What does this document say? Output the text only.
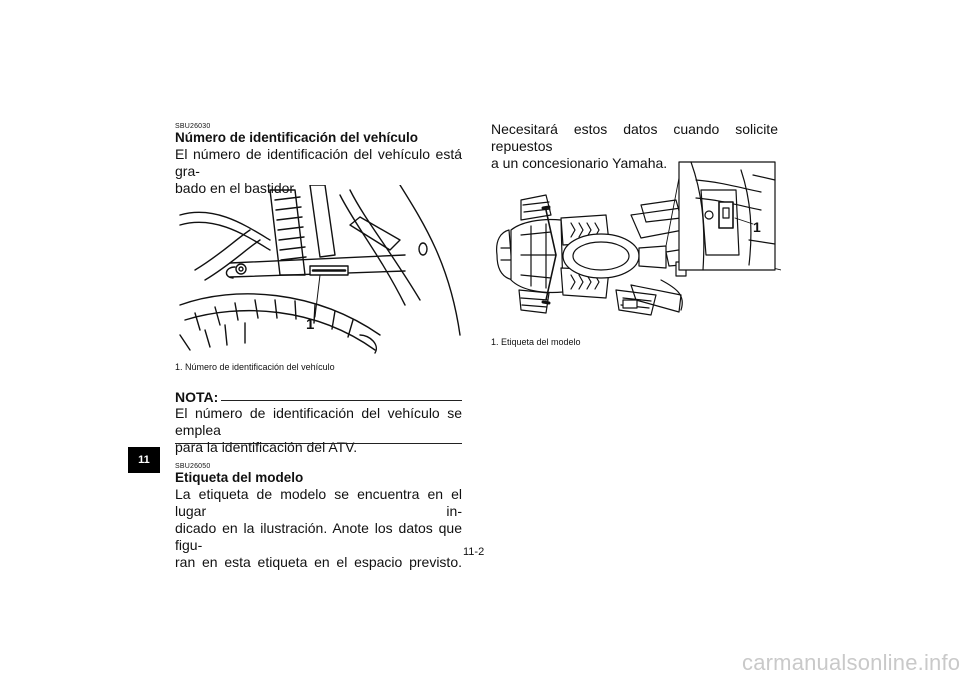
SBU26030
Número de identificación del vehículo
El número de identificación del vehículo está gra-
bado en el bastidor.
1
1. Número de identificación del vehículo
NOTA:
El número de identificación del vehículo se emplea
para la identificación del ATV.
SBU26050
Etiqueta del modelo
La etiqueta de modelo se encuentra en el lugar in-
dicado en la ilustración. Anote los datos que figu-
ran en esta etiqueta en el espacio previsto.
Necesitará estos datos cuando solicite repuestos
a un concesionario Yamaha.
1
1. Etiqueta del modelo
11
11-2
carmanualsonline.info
